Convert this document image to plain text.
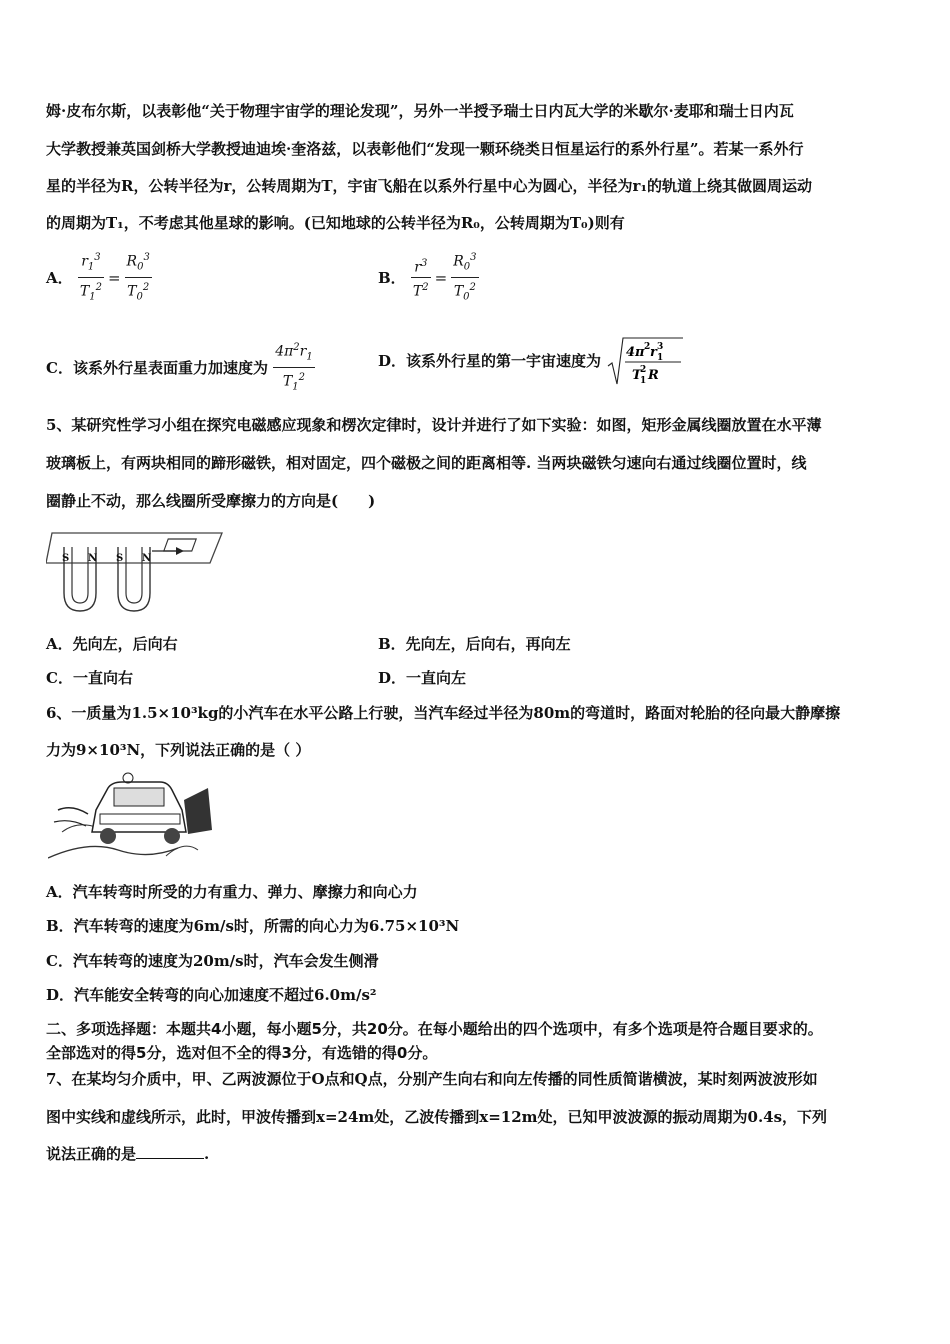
姆·皮布尔斯，以表彰他“关于物理宇宙学的理论发现”，另外一半授予瑞士日内瓦大学的米歇尔·麦耶和瑞士日内瓦
大学教授兼英国剑桥大学教授迪迪埃·奎洛兹，以表彰他们“发现一颗环绕类日恒星运行的系外行星”。若某一系外行
星的半径为R，公转半径为r，公转周期为T，宇宙飞船在以系外行星中心为圆心，半径为r₁的轨道上绕其做圆周运动
的周期为T₁，不考虑其他星球的影响。(已知地球的公转半径为R₀，公转周期为T₀)则有
A． $\frac{r_1^3}{T_1^2} = \frac{R_0^3}{T_0^2}$	B． $\frac{r^3}{T^2} = \frac{R_0^3}{T_0^2}$
C．该系外行星表面重力加速度为 $\frac{4\pi^2r_1}{T_1^2}$	D．该系外行星的第一宇宙速度为 4π 2 r 1
3
T
1
2 R
5、某研究性学习小组在探究电磁感应现象和楞次定律时，设计并进行了如下实验：如图，矩形金属线圈放置在水平薄
玻璃板上，有两块相同的蹄形磁铁，相对固定，四个磁极之间的距离相等. 当两块磁铁匀速向右通过线圈位置时，线
圈静止不动，那么线圈所受摩擦力的方向是(　　)
S N S N
A．先向左，后向右	B．先向左，后向右，再向左
C．一直向右	D．一直向左
6、一质量为1.5×10³kg的小汽车在水平公路上行驶，当汽车经过半径为80m的弯道时，路面对轮胎的径向最大静摩擦
力为9×10³N，下列说法正确的是（ ）
A．汽车转弯时所受的力有重力、弹力、摩擦力和向心力
B．汽车转弯的速度为6m/s时，所需的向心力为6.75×10³N
C．汽车转弯的速度为20m/s时，汽车会发生侧滑
D．汽车能安全转弯的向心加速度不超过6.0m/s²
二、多项选择题：本题共4小题，每小题5分，共20分。在每小题给出的四个选项中，有多个选项是符合题目要求的。
全部选对的得5分，选对但不全的得3分，有选错的得0分。
7、在某均匀介质中，甲、乙两波源位于O点和Q点，分别产生向右和向左传播的同性质简谐横波，某时刻两波波形如
图中实线和虚线所示，此时，甲波传播到x=24m处，乙波传播到x=12m处，已知甲波波源的振动周期为0.4s，下列
说法正确的是	.
